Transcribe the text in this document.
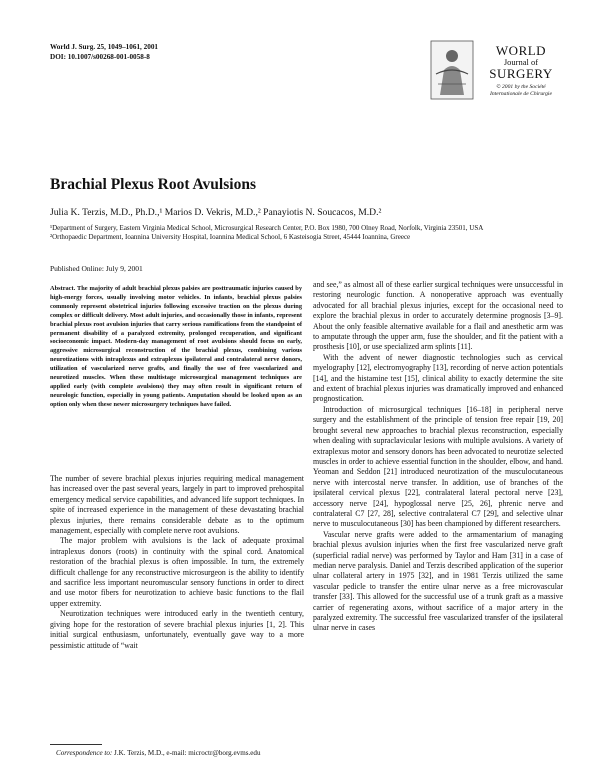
World J. Surg. 25, 1049–1061, 2001
DOI: 10.1007/s00268-001-0058-8	WORLD
Journal of
SURGERY
© 2001 by the Société
Internationale de Chirurgie
Brachial Plexus Root Avulsions
Julia K. Terzis, M.D., Ph.D.,¹ Marios D. Vekris, M.D.,² Panayiotis N. Soucacos, M.D.²
¹Department of Surgery, Eastern Virginia Medical School, Microsurgical Research Center, P.O. Box 1980, 700 Olney Road, Norfolk, Virginia 23501, USA
²Orthopaedic Department, Ioannina University Hospital, Ioannina Medical School, 6 Kasteisogia Street, 45444 Ioannina, Greece
Published Online: July 9, 2001
Abstract. The majority of adult brachial plexus palsies are posttraumatic injuries caused by high-energy forces, usually involving motor vehicles. In infants, brachial plexus palsies commonly represent obstetrical injuries following excessive traction on the plexus during complex or difficult delivery. Most adult injuries, and occasionally those in infants, represent brachial plexus root avulsion injuries that carry serious ramifications from the standpoint of permanent disability of a paralyzed extremity, prolonged recuperation, and significant socioeconomic impact. Modern-day management of root avulsions should focus on early, aggressive microsurgical reconstruction of the brachial plexus, combining various neurotizations with intraplexus and extraplexus ipsilateral and contralateral nerve donors, utilization of vascularized nerve grafts, and finally the use of free vascularized and neurotized muscles. When these multistage microsurgical management techniques are applied early (with complete avulsions) they may often result in significant return of neurologic function, especially in young patients. Amputation should be looked upon as an option only when these newer microsurgery techniques have failed.

The number of severe brachial plexus injuries requiring medical management has increased over the past several years, largely in part to improved prehospital emergency medical service capabilities, and advanced life support techniques. In spite of increased experience in the management of these devastating brachial plexus injuries, there remains considerable debate as to the optimum management, especially with complete nerve root avulsions.

The major problem with avulsions is the lack of adequate proximal intraplexus donors (roots) in continuity with the spinal cord. Anatomical restoration of the brachial plexus is often impossible. In turn, the extremely difficult challenge for any reconstructive microsurgeon is the ability to identify and sacrifice less important neuromuscular sensory functions in order to direct and use motor fibers for neurotization to achieve basic functions to the flail upper extremity.

Neurotization techniques were introduced early in the twentieth century, giving hope for the restoration of severe brachial plexus injuries [1, 2]. This initial surgical enthusiasm, unfortunately, eventually gave way to a more pessimistic attitude of “wait

and see,” as almost all of these earlier surgical techniques were unsuccessful in restoring neurologic function. A nonoperative approach was eventually advocated for all brachial plexus injuries, except for the occasional need to explore the brachial plexus in order to accurately determine prognosis [3–9]. About the only feasible alternative available for a flail and anesthetic arm was to amputate through the upper arm, fuse the shoulder, and fit the patient with a prosthesis [10], or use specialized arm splints [11].

With the advent of newer diagnostic technologies such as cervical myelography [12], electromyography [13], recording of nerve action potentials [14], and the histamine test [15], clinical ability to exactly determine the site and extent of brachial plexus injuries was dramatically improved and enhanced prognostication.

Introduction of microsurgical techniques [16–18] in peripheral nerve surgery and the establishment of the principle of tension free repair [19, 20] brought several new approaches to brachial plexus reconstruction, especially when dealing with supraclavicular lesions with multiple avulsions. A variety of extraplexus motor and sensory donors has been advocated to neurotize selected muscles in order to achieve essential function in the shoulder, elbow, and hand. Yeoman and Seddon [21] introduced neurotization of the musculocutaneous nerve with intercostal nerve transfer. In addition, use of branches of the ipsilateral cervical plexus [22], contralateral lateral pectoral nerve [23], accessory nerve [24], hypoglossal nerve [25, 26], phrenic nerve and contralateral C7 [27, 28], selective contralateral C7 [29], and selective ulnar nerve to musculocutaneous [30] has been championed by different researchers.

Vascular nerve grafts were added to the armamentarium of managing brachial plexus avulsion injuries when the first free vascularized nerve graft (superficial radial nerve) was performed by Taylor and Ham [31] in a case of median nerve paralysis. Daniel and Terzis described application of the superior ulnar collateral artery in 1975 [32], and in 1981 Terzis utilized the same vascular pedicle to transfer the entire ulnar nerve as a free microvascular transfer [33]. This allowed for the successful use of a trunk graft as a massive carrier of regenerating axons, without sacrifice of a major artery in the paralyzed extremity. The successful free vascularized transfer of the ipsilateral ulnar nerve in cases

Correspondence to: J.K. Terzis, M.D., e-mail: microctr@borg.evms.edu
